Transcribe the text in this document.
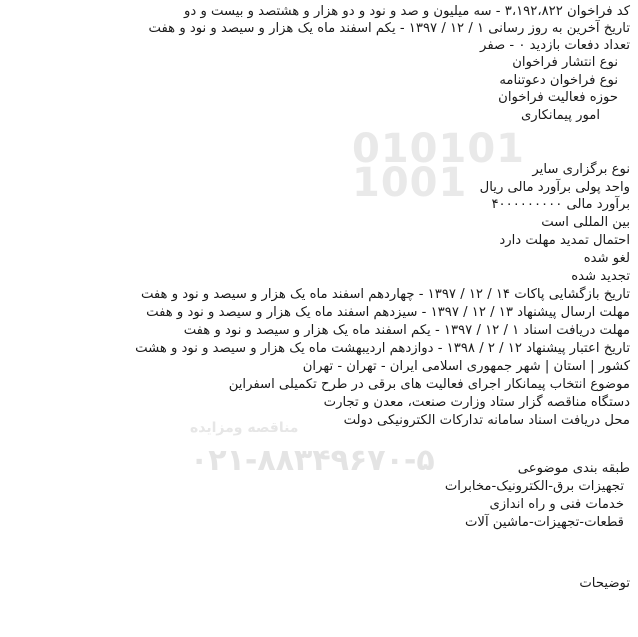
010101
1001
مناقصه ومزایده
۰۲۱-۸۸۳۴۹۶۷۰-۵
کد فراخوان ۳،۱۹۲،۸۲۲ - سه میلیون و صد و نود و دو هزار و هشتصد و بیست و دو
تاریخ آخرین به روز رسانی ۱ / ۱۲ / ۱۳۹۷ - یکم اسفند ماه یک هزار و سیصد و نود و هفت
تعداد دفعات بازدید ۰ - صفر
نوع انتشار فراخوان
نوع فراخوان دعوتنامه
حوزه فعالیت فراخوان
امور پیمانکاری
نوع برگزاری سایر
واحد پولی برآورد مالی ریال
برآورد مالی ۴۰۰۰۰۰۰۰۰۰
بین المللی است
احتمال تمدید مهلت دارد
لغو شده
تجدید شده
تاریخ بازگشایی پاکات ۱۴ / ۱۲ / ۱۳۹۷ - چهاردهم اسفند ماه یک هزار و سیصد و نود و هفت
مهلت ارسال پیشنهاد ۱۳ / ۱۲ / ۱۳۹۷ - سیزدهم اسفند ماه یک هزار و سیصد و نود و هفت
مهلت دریافت اسناد ۱ / ۱۲ / ۱۳۹۷ - یکم اسفند ماه یک هزار و سیصد و نود و هفت
تاریخ اعتبار پیشنهاد ۱۲ / ۲ / ۱۳۹۸ - دوازدهم اردیبهشت ماه یک هزار و سیصد و نود و هشت
کشور | استان | شهر جمهوری اسلامی ایران - تهران - تهران
موضوع انتخاب پیمانکار اجرای فعالیت های برقی در طرح تکمیلی اسفراین
دستگاه مناقصه گزار ستاد وزارت صنعت، معدن و تجارت
محل دریافت اسناد سامانه تدارکات الکترونیکی دولت
طبقه بندی موضوعی
تجهیزات برق-الکترونیک-مخابرات
خدمات فنی و راه اندازی
قطعات-تجهیزات-ماشین آلات
توضیحات
